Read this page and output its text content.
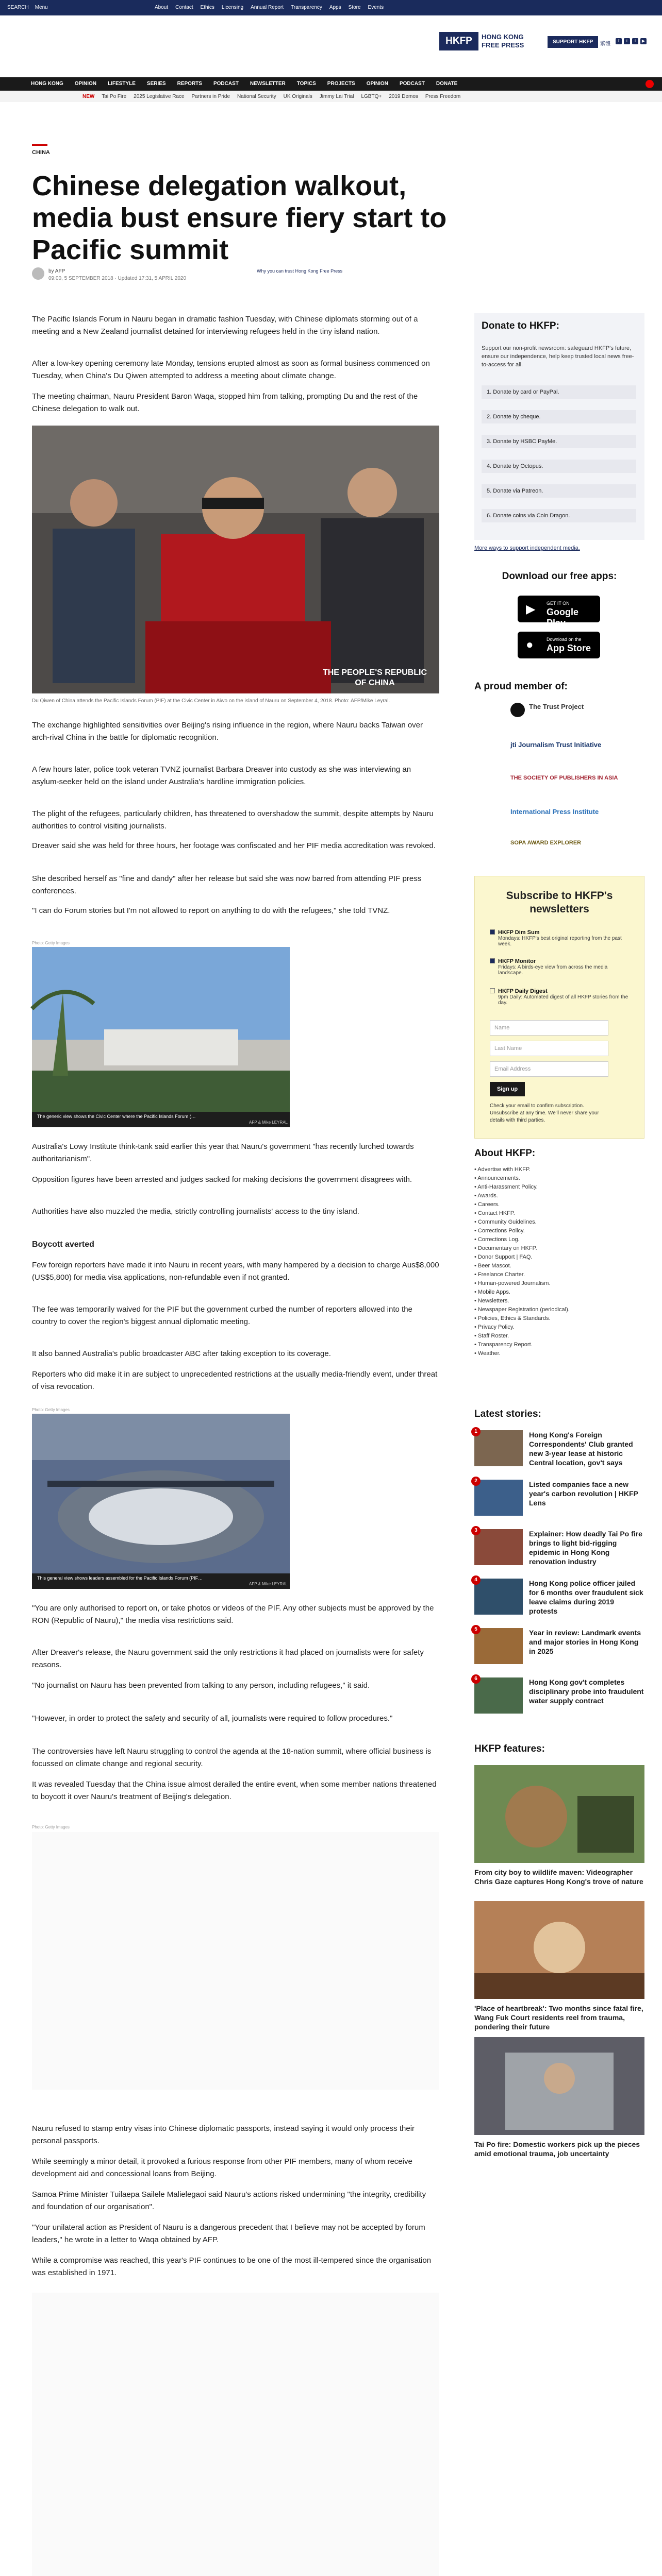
SEARCH Menu	About Contact Ethics Licensing Annual Report Transparency Apps Store Events
HKFP	HONG KONG
FREE PRESS	SUPPORT HKFP	繁體
f	t	i	▶
HONG KONG OPINION LIFESTYLE SERIES REPORTS PODCAST NEWSLETTER TOPICS PROJECTS OPINION PODCAST DONATE
NEW Tai Po Fire 2025 Legislative Race Partners in Pride National Security UK Originals Jimmy Lai Trial LGBTQ+ 2019 Demos Press Freedom
CHINA
Chinese delegation walkout, media bust ensure fiery start to Pacific summit
by AFP
09:00, 5 SEPTEMBER 2018 · Updated 17:31, 5 APRIL 2020
Why you can trust Hong Kong Free Press
The Pacific Islands Forum in Nauru began in dramatic fashion Tuesday, with Chinese diplomats storming out of a meeting and a New Zealand journalist detained for interviewing refugees held in the tiny island nation.
After a low-key opening ceremony late Monday, tensions erupted almost as soon as formal business commenced on Tuesday, when China's Du Qiwen attempted to address a meeting about climate change.
The meeting chairman, Nauru President Baron Waqa, stopped him from talking, prompting Du and the rest of the Chinese delegation to walk out.
THE PEOPLE'S REPUBLIC OF CHINA
Du Qiwen of China attends the Pacific Islands Forum (PIF) at the Civic Center in Aiwo on the island of Nauru on September 4, 2018. Photo: AFP/Mike Leyral.
The exchange highlighted sensitivities over Beijing's rising influence in the region, where Nauru backs Taiwan over arch-rival China in the battle for diplomatic recognition.
A few hours later, police took veteran TVNZ journalist Barbara Dreaver into custody as she was interviewing an asylum-seeker held on the island under Australia's hardline immigration policies.
The plight of the refugees, particularly children, has threatened to overshadow the summit, despite attempts by Nauru authorities to control visiting journalists.
Dreaver said she was held for three hours, her footage was confiscated and her PIF media accreditation was revoked.
She described herself as "fine and dandy" after her release but said she was now barred from attending PIF press conferences.
"I can do Forum stories but I'm not allowed to report on anything to do with the refugees," she told TVNZ.
Photo: Getty Images
The generic view shows the Civic Center where the Pacific Islands Forum (…
AFP & Mike LEYRAL
Australia's Lowy Institute think-tank said earlier this year that Nauru's government "has recently lurched towards authoritarianism".
Opposition figures have been arrested and judges sacked for making decisions the government disagrees with.
Authorities have also muzzled the media, strictly controlling journalists' access to the tiny island.
Boycott averted
Few foreign reporters have made it into Nauru in recent years, with many hampered by a decision to charge Aus$8,000 (US$5,800) for media visa applications, non-refundable even if not granted.
The fee was temporarily waived for the PIF but the government curbed the number of reporters allowed into the country to cover the region's biggest annual diplomatic meeting.
It also banned Australia's public broadcaster ABC after taking exception to its coverage.
Reporters who did make it in are subject to unprecedented restrictions at the usually media-friendly event, under threat of visa revocation.
Photo: Getty Images
This general view shows leaders assembled for the Pacific Islands Forum (PIF…
AFP & Mike LEYRAL
"You are only authorised to report on, or take photos or videos of the PIF. Any other subjects must be approved by the RON (Republic of Nauru)," the media visa restrictions said.
After Dreaver's release, the Nauru government said the only restrictions it had placed on journalists were for safety reasons.
"No journalist on Nauru has been prevented from talking to any person, including refugees," it said.
"However, in order to protect the safety and security of all, journalists were required to follow procedures."
The controversies have left Nauru struggling to control the agenda at the 18-nation summit, where official business is focussed on climate change and regional security.
It was revealed Tuesday that the China issue almost derailed the entire event, when some member nations threatened to boycott it over Nauru's treatment of Beijing's delegation.
Photo: Getty Images
Nauru refused to stamp entry visas into Chinese diplomatic passports, instead saying it would only process their personal passports.
While seemingly a minor detail, it provoked a furious response from other PIF members, many of whom receive development aid and concessional loans from Beijing.
Samoa Prime Minister Tuilaepa Sailele Malielegaoi said Nauru's actions risked undermining "the integrity, credibility and foundation of our organisation".
"Your unilateral action as President of Nauru is a dangerous precedent that I believe may not be accepted by forum leaders," he wrote in a letter to Waqa obtained by AFP.
While a compromise was reached, this year's PIF continues to be one of the most ill-tempered since the organisation was established in 1971.
Donate to HKFP:
Support our non-profit newsroom: safeguard HKFP's future, ensure our independence, help keep trusted local news free-to-access for all.
1. Donate by card or PayPal.
2. Donate by cheque.
3. Donate by HSBC PayMe.
4. Donate by Octopus.
5. Donate via Patreon.
6. Donate coins via Coin Dragon.
More ways to support independent media.
Download our free apps:
▶ GET IT ON
Google Play
●	Download on the
App Store
A proud member of:
The Trust Project
jti Journalism Trust Initiative
THE SOCIETY OF PUBLISHERS IN ASIA
International Press Institute
SOPA AWARD EXPLORER
Subscribe to HKFP's newsletters
HKFP Dim Sum
Mondays: HKFP's best original reporting from the past week.
HKFP Monitor
Fridays: A birds-eye view from across the media landscape.
HKFP Daily Digest
9pm Daily: Automated digest of all HKFP stories from the day.
Name
Last Name
Email Address
Sign up
Check your email to confirm subscription. Unsubscribe at any time. We'll never share your details with third parties.
About HKFP:
• Advertise with HKFP.
• Announcements.
• Anti-Harassment Policy.
• Awards.
• Careers.
• Contact HKFP.
• Community Guidelines.
• Corrections Policy.
• Corrections Log.
• Documentary on HKFP.
• Donor Support | FAQ.
• Beer Mascot.
• Freelance Charter.
• Human-powered Journalism.
• Mobile Apps.
• Newsletters.
• Newspaper Registration (periodical).
• Policies, Ethics & Standards.
• Privacy Policy.
• Staff Roster.
• Transparency Report.
• Weather.
Latest stories:
1	Hong Kong's Foreign Correspondents' Club granted new 3-year lease at historic Central location, gov't says
2	Listed companies face a new year's carbon revolution | HKFP Lens
3	Explainer: How deadly Tai Po fire brings to light bid-rigging epidemic in Hong Kong renovation industry
4	Hong Kong police officer jailed for 6 months over fraudulent sick leave claims during 2019 protests
5	Year in review: Landmark events and major stories in Hong Kong in 2025
6	Hong Kong gov't completes disciplinary probe into fraudulent water supply contract
HKFP features:
From city boy to wildlife maven: Videographer Chris Gaze captures Hong Kong's trove of nature
'Place of heartbreak': Two months since fatal fire, Wang Fuk Court residents reel from trauma, pondering their future
Tai Po fire: Domestic workers pick up the pieces amid emotional trauma, job uncertainty
